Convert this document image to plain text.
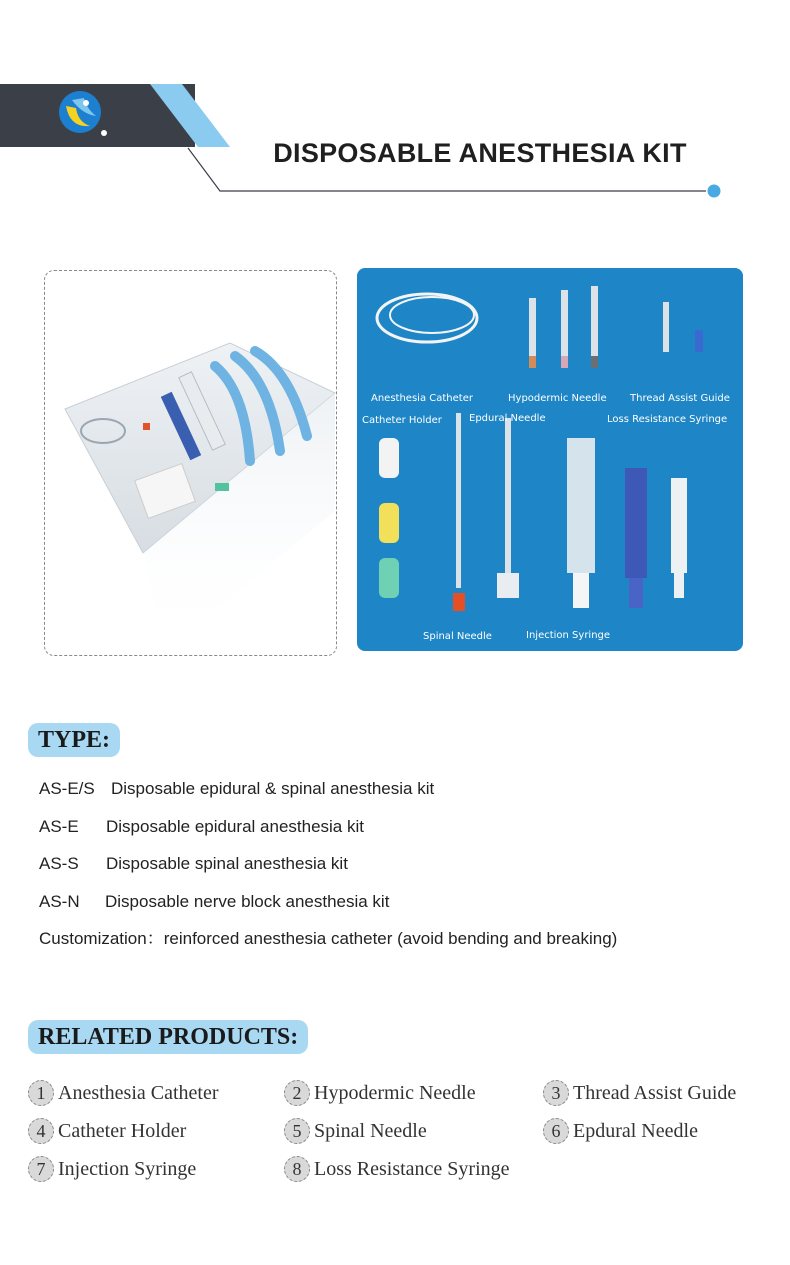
DISPOSABLE ANESTHESIA KIT
Anesthesia Catheter	Hypodermic Needle Thread Assist Guide
Catheter Holder	Epdural Needle	Loss Resistance Syringe
Spinal Needle	Injection Syringe
TYPE:
AS-E/S Disposable epidural & spinal anesthesia kit
AS-E Disposable epidural anesthesia kit
AS-S Disposable spinal anesthesia kit
AS-N Disposable nerve block anesthesia kit
Customization：reinforced anesthesia catheter (avoid bending and breaking)
RELATED PRODUCTS:
1 Anesthesia Catheter	2 Hypodermic Needle	3 Thread Assist Guide
4 Catheter Holder	5 Spinal Needle	6 Epdural Needle
7 Injection Syringe	8 Loss Resistance Syringe
